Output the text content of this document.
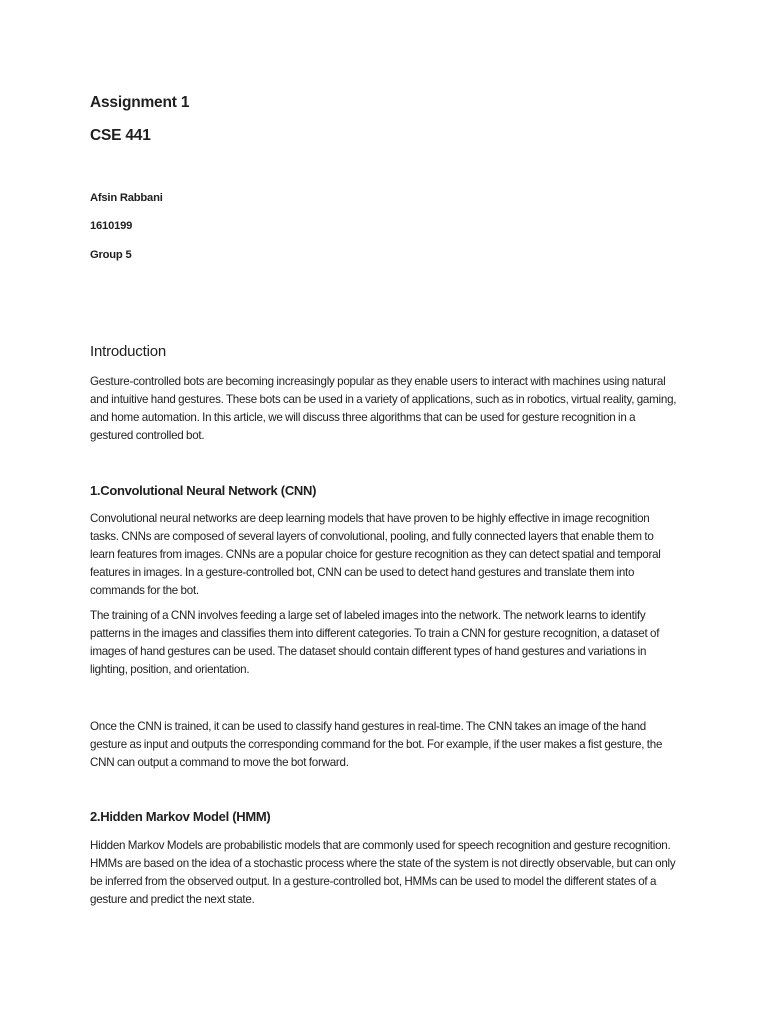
Assignment 1
CSE 441
Afsin Rabbani
1610199
Group 5
Introduction

Gesture-controlled bots are becoming increasingly popular as they enable users to interact with machines using natural and intuitive hand gestures. These bots can be used in a variety of applications, such as in robotics, virtual reality, gaming, and home automation. In this article, we will discuss three algorithms that can be used for gesture recognition in a gestured controlled bot.

1.Convolutional Neural Network (CNN)

Convolutional neural networks are deep learning models that have proven to be highly effective in image recognition tasks. CNNs are composed of several layers of convolutional, pooling, and fully connected layers that enable them to learn features from images. CNNs are a popular choice for gesture recognition as they can detect spatial and temporal features in images. In a gesture-controlled bot, CNN can be used to detect hand gestures and translate them into commands for the bot.

The training of a CNN involves feeding a large set of labeled images into the network. The network learns to identify patterns in the images and classifies them into different categories. To train a CNN for gesture recognition, a dataset of images of hand gestures can be used. The dataset should contain different types of hand gestures and variations in lighting, position, and orientation.

Once the CNN is trained, it can be used to classify hand gestures in real-time. The CNN takes an image of the hand gesture as input and outputs the corresponding command for the bot. For example, if the user makes a fist gesture, the CNN can output a command to move the bot forward.

2.Hidden Markov Model (HMM)

Hidden Markov Models are probabilistic models that are commonly used for speech recognition and gesture recognition. HMMs are based on the idea of a stochastic process where the state of the system is not directly observable, but can only be inferred from the observed output. In a gesture-controlled bot, HMMs can be used to model the different states of a gesture and predict the next state.
